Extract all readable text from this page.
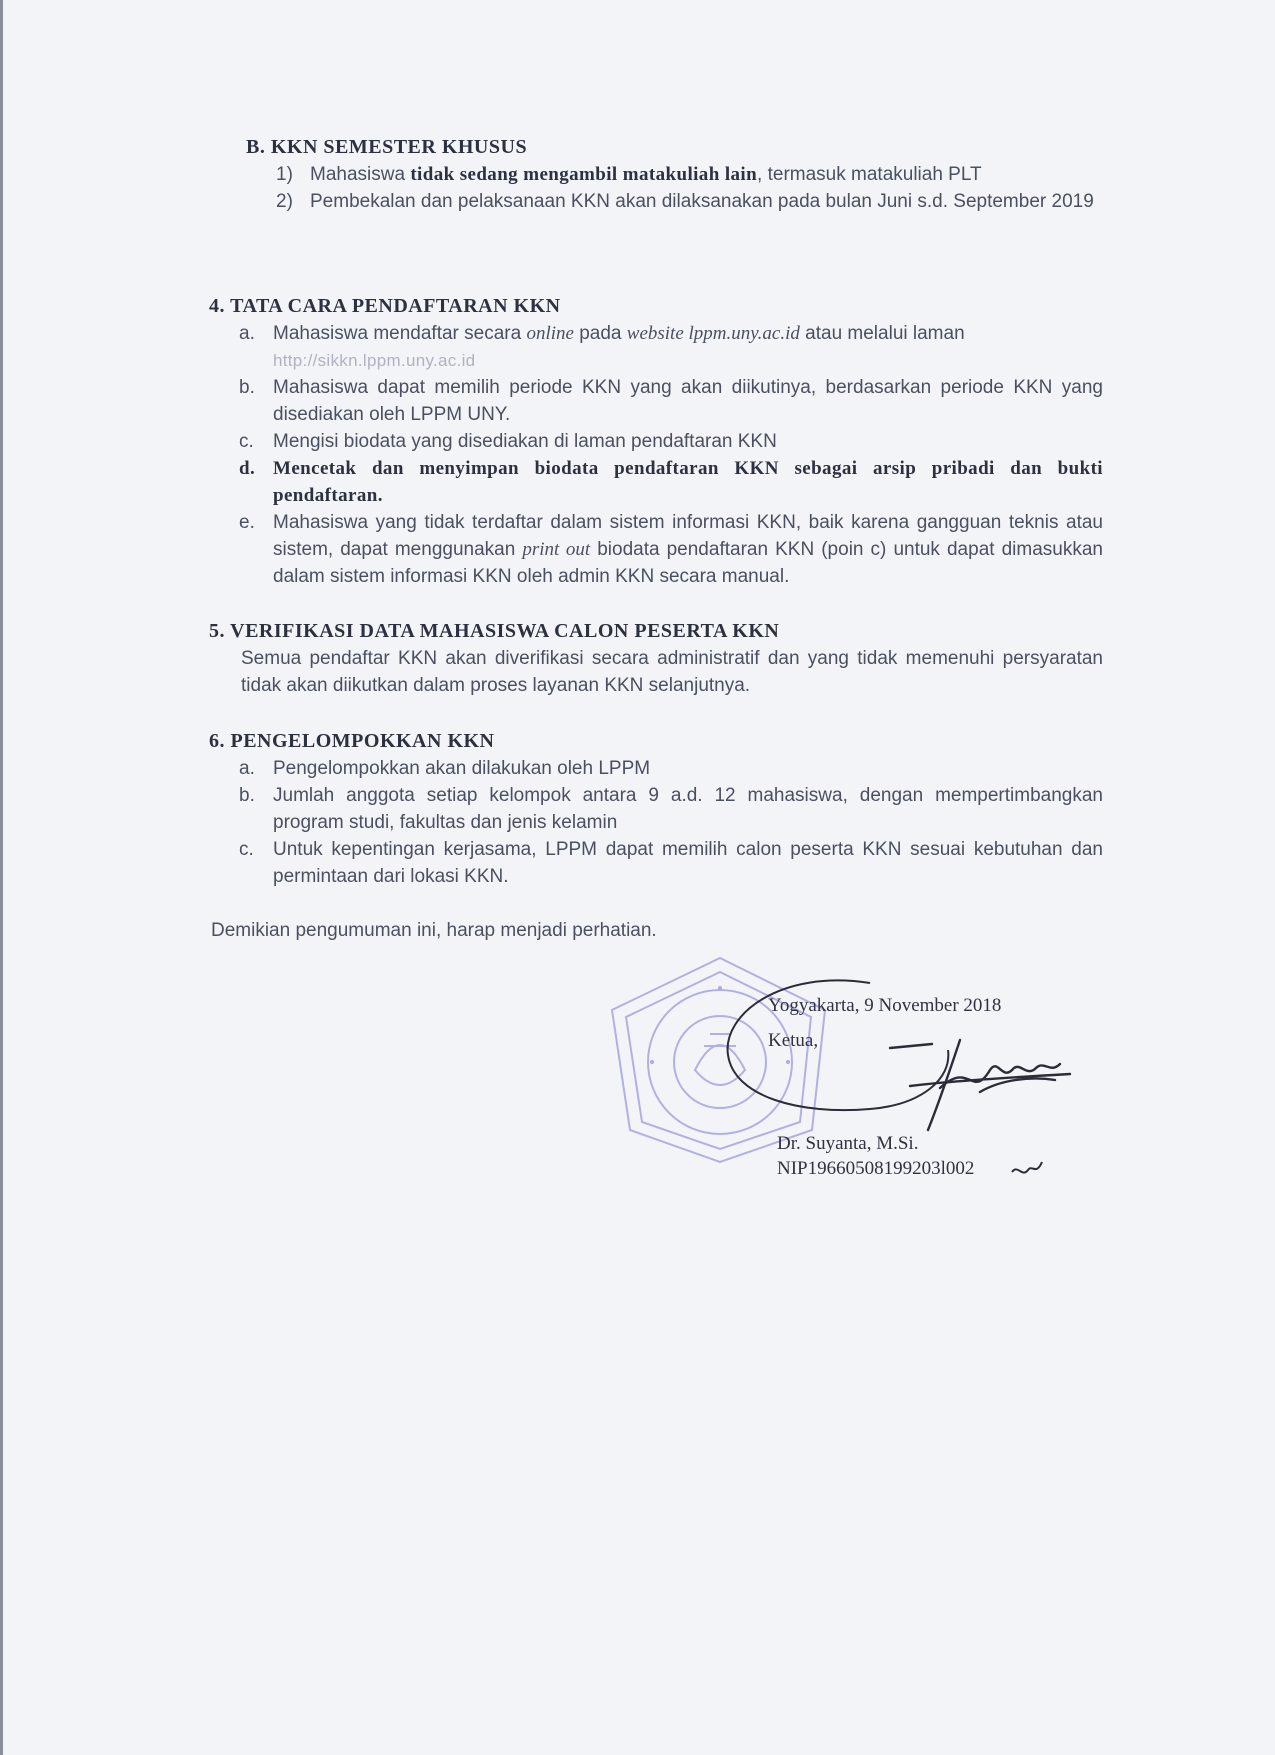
B. KKN SEMESTER KHUSUS
1) Mahasiswa tidak sedang mengambil matakuliah lain, termasuk matakuliah PLT
2) Pembekalan dan pelaksanaan KKN akan dilaksanakan pada bulan Juni s.d. September 2019
4. TATA CARA PENDAFTARAN KKN
a. Mahasiswa mendaftar secara online pada website lppm.uny.ac.id atau melalui laman
http://sikkn.lppm.uny.ac.id
b. Mahasiswa dapat memilih periode KKN yang akan diikutinya, berdasarkan periode KKN yang disediakan oleh LPPM UNY.
c.	Mengisi biodata yang disediakan di laman pendaftaran KKN
d. Mencetak dan menyimpan biodata pendaftaran KKN sebagai arsip pribadi dan bukti pendaftaran.
e. Mahasiswa yang tidak terdaftar dalam sistem informasi KKN, baik karena gangguan teknis atau sistem, dapat menggunakan print out biodata pendaftaran KKN (poin c) untuk dapat dimasukkan dalam sistem informasi KKN oleh admin KKN secara manual.
5. VERIFIKASI DATA MAHASISWA CALON PESERTA KKN
Semua pendaftar KKN akan diverifikasi secara administratif dan yang tidak memenuhi persyaratan tidak akan diikutkan dalam proses layanan KKN selanjutnya.
6. PENGELOMPOKKAN KKN
a. Pengelompokkan akan dilakukan oleh LPPM
b. Jumlah anggota setiap kelompok antara 9 a.d. 12 mahasiswa, dengan mempertimbangkan program studi, fakultas dan jenis kelamin
c.	Untuk kepentingan kerjasama, LPPM dapat memilih calon peserta KKN sesuai kebutuhan dan permintaan dari lokasi KKN.
Demikian pengumuman ini, harap menjadi perhatian.
Yogyakarta, 9 November 2018
Ketua,
Dr. Suyanta, M.Si.
NIP19660508199203l002
